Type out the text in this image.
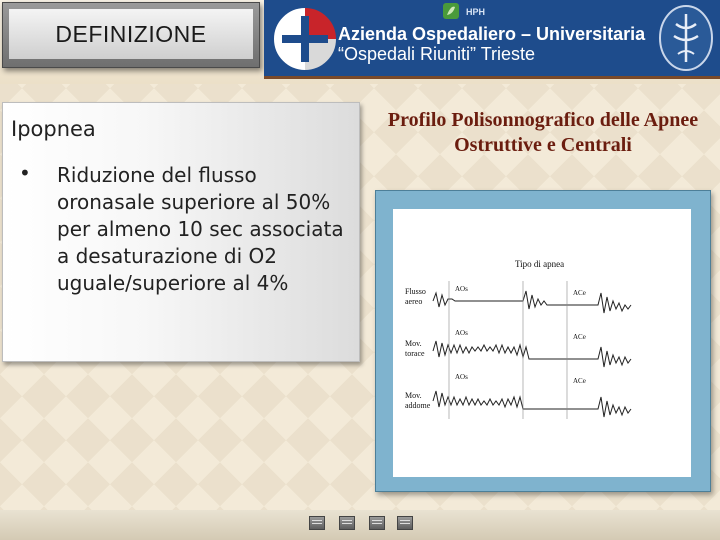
DEFINIZIONE
HPH
Azienda Ospedaliero – Universitaria
“Ospedali Riuniti” Trieste
Ipopnea
• Riduzione del flusso oronasale superiore al 50% per almeno 10 sec associata a desaturazione di O2 uguale/superiore al 4%
Profilo Polisonnografico delle Apnee Ostruttive e Centrali
Tipo di apnea
Flusso aereo
Mov. torace
Mov. addome
AOs	ACe
AOs	ACe
AOs	ACe
